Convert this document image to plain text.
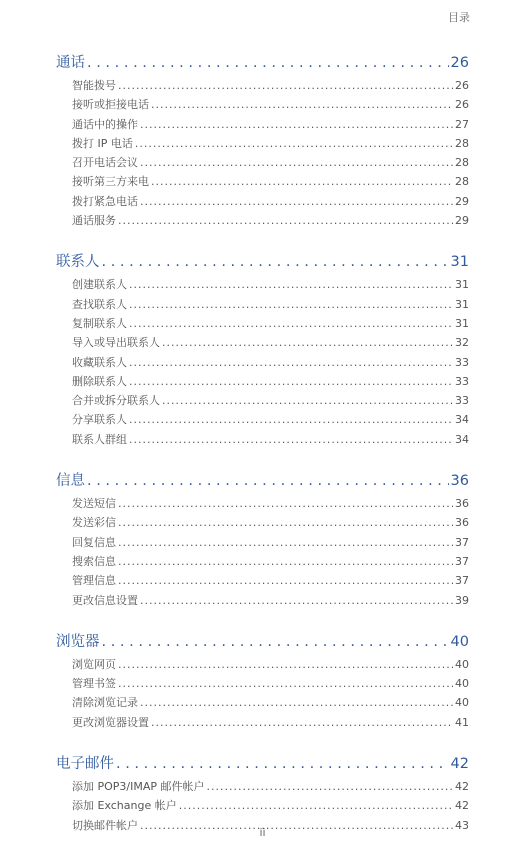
目录
通话 . . .	26
智能拨号 .....	26
接听或拒接电话 .....	26
通话中的操作 .....	27
拨打 IP 电话 .....	28
召开电话会议 .....	28
接听第三方来电 .....	28
拨打紧急电话 .....	29
通话服务 .....	29
联系人 . . .	31
创建联系人 .....	31
查找联系人 .....	31
复制联系人 .....	31
导入或导出联系人 .....	32
收藏联系人 .....	33
删除联系人 .....	33
合并或拆分联系人 .....	33
分享联系人 .....	34
联系人群组 .....	34
信息 . . .	36
发送短信 .....	36
发送彩信 .....	36
回复信息 .....	37
搜索信息 .....	37
管理信息 .....	37
更改信息设置 .....	39
浏览器 . . .	40
浏览网页 .....	40
管理书签 .....	40
清除浏览记录 .....	40
更改浏览器设置 .....	41
电子邮件 . . .	42
添加 POP3/IMAP 邮件帐户 .....	42
添加 Exchange 帐户 .....	42
切换邮件帐户 .....	43
ii
